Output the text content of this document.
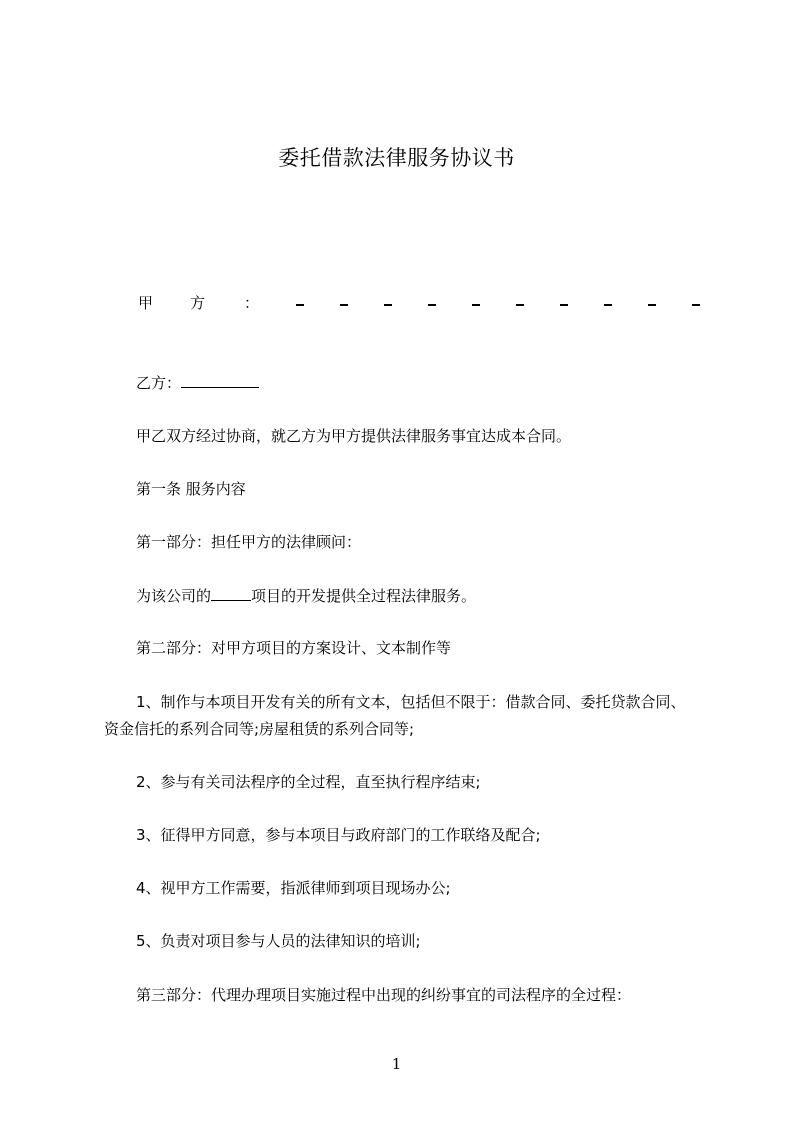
委托借款法律服务协议书
甲 方	：

乙方：

甲乙双方经过协商，就乙方为甲方提供法律服务事宜达成本合同。

第一条 服务内容

第一部分：担任甲方的法律顾问：

为该公司的	项目的开发提供全过程法律服务。

第二部分：对甲方项目的方案设计、文本制作等

1、制作与本项目开发有关的所有文本，包括但不限于：借款合同、委托贷款合同、

资金信托的系列合同等;房屋租赁的系列合同等;

2、参与有关司法程序的全过程，直至执行程序结束;

3、征得甲方同意，参与本项目与政府部门的工作联络及配合;

4、视甲方工作需要，指派律师到项目现场办公;

5、负责对项目参与人员的法律知识的培训;

第三部分：代理办理项目实施过程中出现的纠纷事宜的司法程序的全过程：

1
